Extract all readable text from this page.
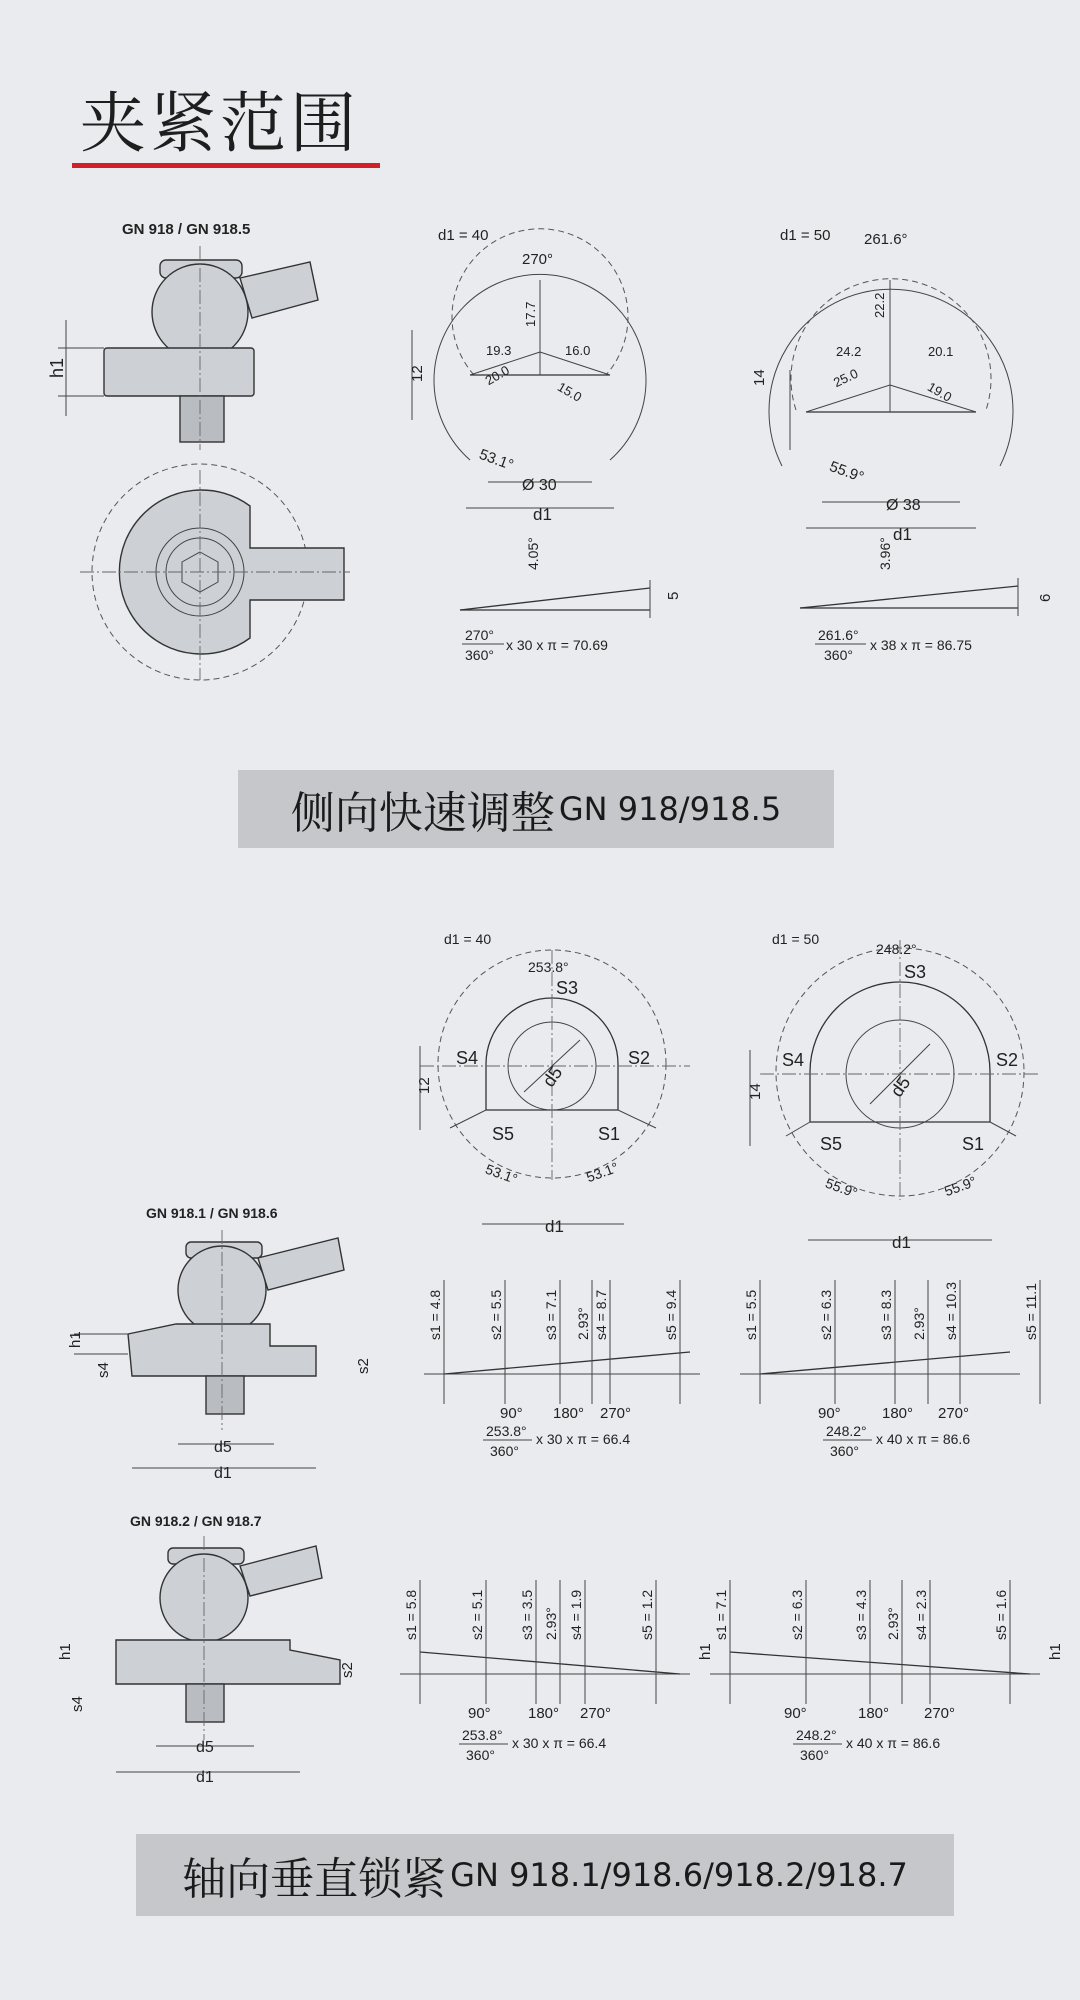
夹紧范围
GN 918 / GN 918.5
h1
d1 = 40
270°
17.7
19.3	16.0
20.0
15.0
53.1°
12
Ø 30
d1
4.05°
5
270°
360°
x 30 x π = 70.69
d1 = 50 261.6°
22.2
24.2	20.1
25.0
19.0
55.9°
14
Ø 38
d1
3.96°
6
261.6°
360°
x 38 x π = 86.75
d1 = 40
253.8°
d5
S3
S4	S2
S5	S1
53.1°	53.1°
12
d1
d1 = 50
248.2°
d5
S3
S4	S2
S5	S1
55.9°	55.9°
14
d1
GN 918.1 / GN 918.6
h1
s4	s2
d5
d1
GN 918.2 / GN 918.7
h1
s4
s2
d5
d1
s1 = 4.8	s2 = 5.5	s3 = 7.1 2.93° s4 = 8.7	s5 = 9.4
90° 180° 270°
253.8°
360°
x 30 x π = 66.4
s1 = 5.5	s2 = 6.3	s3 = 8.3 2.93° s4 = 10.3	s5 = 11.1
90°	180° 270°
248.2°
360°
x 40 x π = 86.6
s1 = 5.8	s2 = 5.1 s3 = 3.5 2.93° s4 = 1.9	s5 = 1.2
h1
90° 180° 270°
253.8°
360°
x 30 x π = 66.4
s1 = 7.1	s2 = 6.3	s3 = 4.3 2.93° s4 = 2.3	s5 = 1.6
h1
90°	180° 270°
248.2°
360°
x 40 x π = 86.6
侧向快速调整 GN 918/918.5
轴向垂直锁紧 GN 918.1/918.6/918.2/918.7
